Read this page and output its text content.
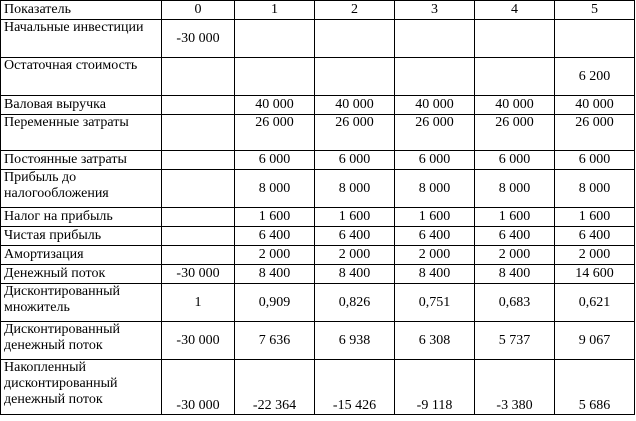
Показатель	0	1	2	3	4	5
Начальные инвестиции	-30 000					
Остаточная стоимость						6 200
Валовая выручка		40 000	40 000	40 000	40 000	40 000
Переменные затраты		26 000	26 000	26 000	26 000	26 000
Постоянные затраты		6 000	6 000	6 000	6 000	6 000
Прибыль до налогообложения		8 000	8 000	8 000	8 000	8 000
Налог на прибыль		1 600	1 600	1 600	1 600	1 600
Чистая прибыль		6 400	6 400	6 400	6 400	6 400
Амортизация		2 000	2 000	2 000	2 000	2 000
Денежный поток	-30 000	8 400	8 400	8 400	8 400	14 600
Дисконтированный множитель	1	0,909	0,826	0,751	0,683	0,621
Дисконтированный денежный поток	-30 000	7 636	6 938	6 308	5 737	9 067
Накопленный дисконтированный денежный поток	-30 000	-22 364	-15 426	-9 118	-3 380	5 686
